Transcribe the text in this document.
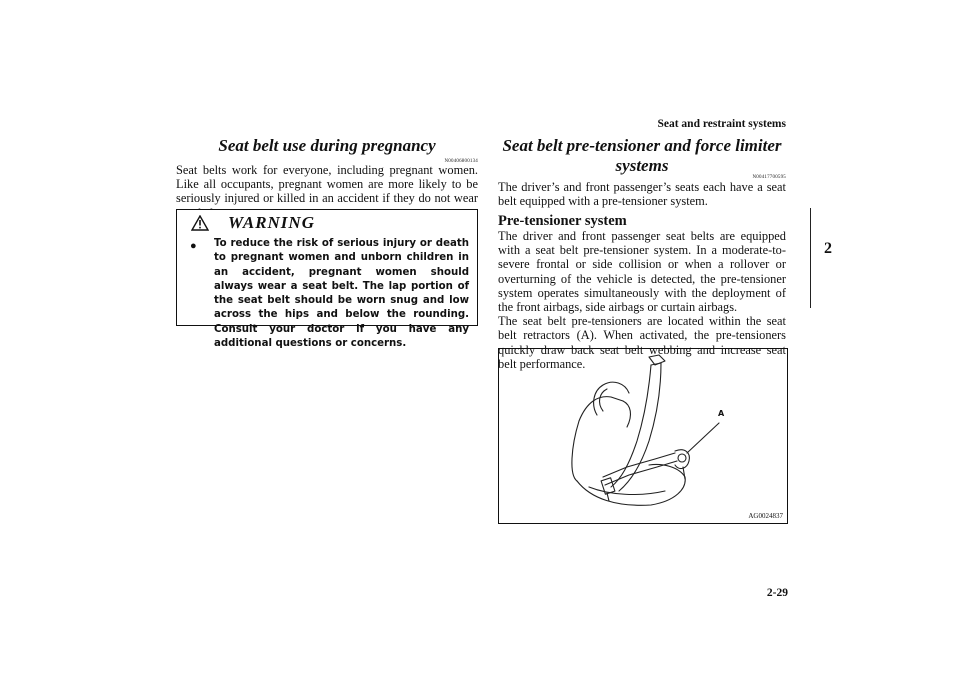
Seat and restraint systems
2
Seat belt use during pregnancy
N00406800134
Seat belts work for everyone, including pregnant women. Like all occupants, pregnant women are more likely to be seriously injured or killed in an accident if they do not wear
WARNING
● To reduce the risk of serious injury or death to pregnant women and unborn children in an accident, pregnant women should always wear a seat belt. The lap portion of the seat belt should be worn snug and low across the hips and below the rounding. Consult your doctor if you have any additional questions or concerns.
Seat belt pre-tensioner and force limiter systems
N00417700595
The driver’s and front passenger’s seats each have a seat belt equipped with a pre-tensioner system.
Pre-tensioner system
The driver and front passenger seat belts are equipped with a seat belt pre-tensioner system. In a moderate-to-severe frontal or side collision or when a rollover or overturning of the vehicle is detected, the pre-tensioner system operates simultaneously with the deployment of the front airbags, side airbags or curtain airbags.
The seat belt pre-tensioners are located within the seat belt retractors (A). When activated, the pre-tensioners quickly draw back seat belt webbing and increase seat belt performance.
A
AG0024837
2-29
